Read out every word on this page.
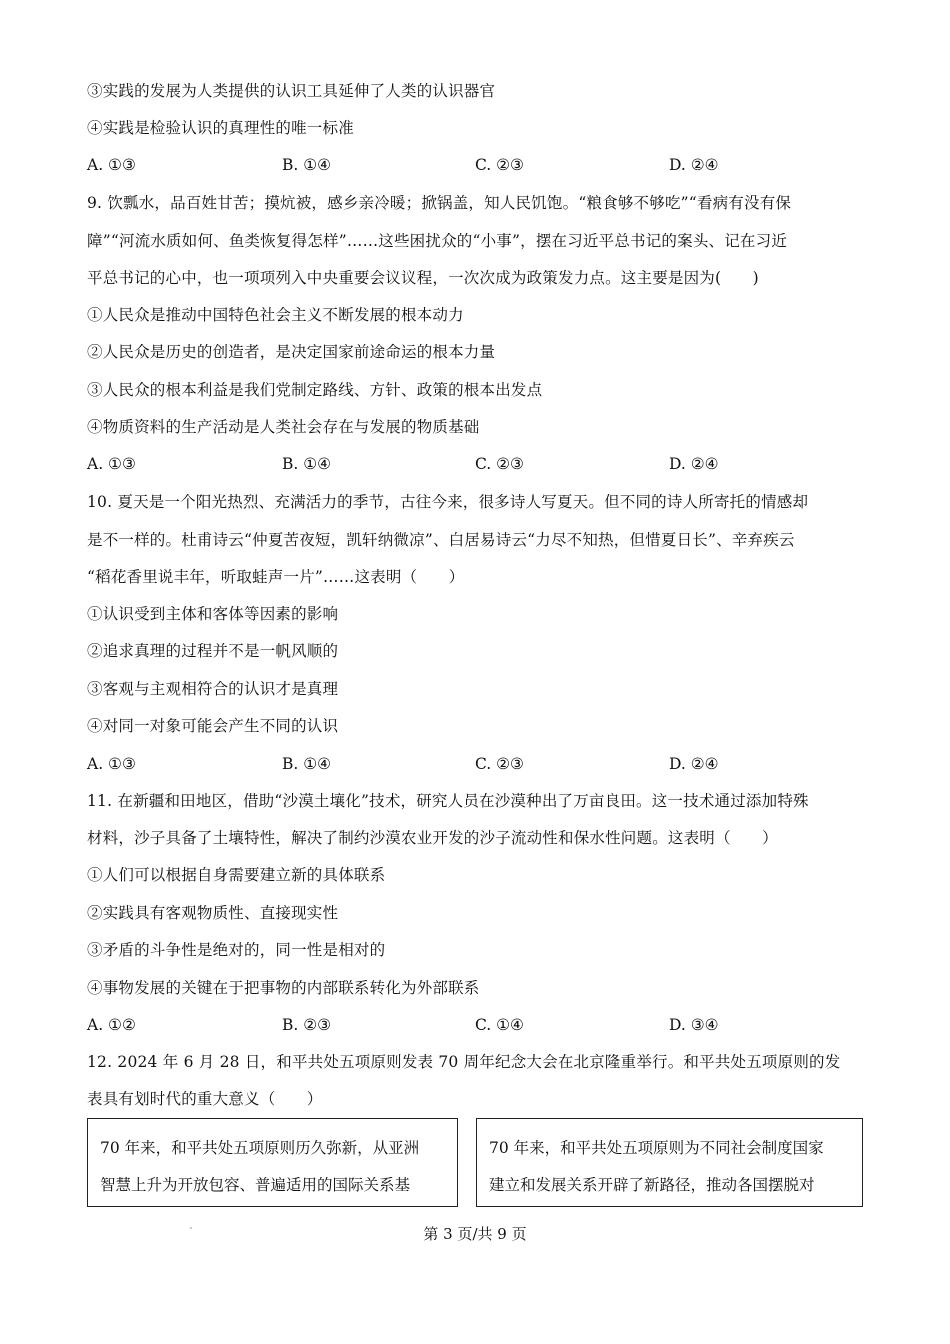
③实践的发展为人类提供的认识工具延伸了人类的认识器官
④实践是检验认识的真理性的唯一标准
A. ①③	B. ①④	C. ②③	D. ②④
9. 饮瓢水，品百姓甘苦；摸炕被，感乡亲冷暖；掀锅盖，知人民饥饱。“粮食够不够吃”“看病有没有保
障”“河流水质如何、鱼类恢复得怎样”……这些困扰众的“小事”，摆在习近平总书记的案头、记在习近
平总书记的心中，也一项项列入中央重要会议议程，一次次成为政策发力点。这主要是因为(　　)
①人民众是推动中国特色社会主义不断发展的根本动力
②人民众是历史的创造者，是决定国家前途命运的根本力量
③人民众的根本利益是我们党制定路线、方针、政策的根本出发点
④物质资料的生产活动是人类社会存在与发展的物质基础
A. ①③	B. ①④	C. ②③	D. ②④
10. 夏天是一个阳光热烈、充满活力的季节，古往今来，很多诗人写夏天。但不同的诗人所寄托的情感却
是不一样的。杜甫诗云“仲夏苦夜短，凯轩纳微凉”、白居易诗云“力尽不知热，但惜夏日长”、辛弃疾云
“稻花香里说丰年，听取蛙声一片”……这表明（　　）
①认识受到主体和客体等因素的影响
②追求真理的过程并不是一帆风顺的
③客观与主观相符合的认识才是真理
④对同一对象可能会产生不同的认识
A. ①③	B. ①④	C. ②③	D. ②④
11. 在新疆和田地区，借助“沙漠土壤化”技术，研究人员在沙漠种出了万亩良田。这一技术通过添加特殊
材料，沙子具备了土壤特性，解决了制约沙漠农业开发的沙子流动性和保水性问题。这表明（　　）
①人们可以根据自身需要建立新的具体联系
②实践具有客观物质性、直接现实性
③矛盾的斗争性是绝对的，同一性是相对的
④事物发展的关键在于把事物的内部联系转化为外部联系
A. ①②	B. ②③	C. ①④	D. ③④
12. 2024 年 6 月 28 日，和平共处五项原则发表 70 周年纪念大会在北京隆重举行。和平共处五项原则的发
表具有划时代的重大意义（　　）
70 年来，和平共处五项原则历久弥新，从亚洲
智慧上升为开放包容、普遍适用的国际关系基
70 年来，和平共处五项原则为不同社会制度国家
建立和发展关系开辟了新路径，推动各国摆脱对
第 3 页/共 9 页
